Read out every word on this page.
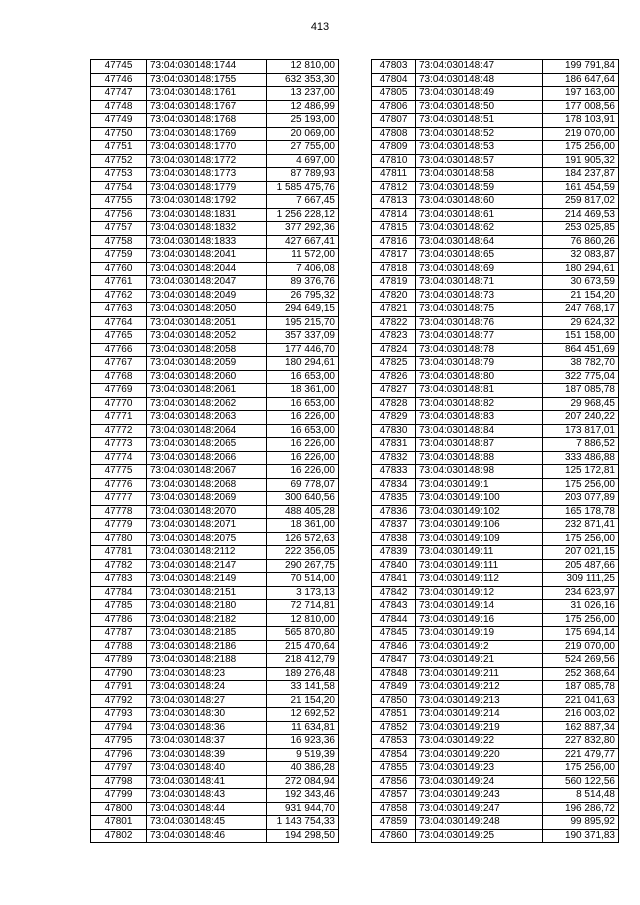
413
47745	73:04:030148:1744	12 810,00
47746	73:04:030148:1755	632 353,30
47747	73:04:030148:1761	13 237,00
47748	73:04:030148:1767	12 486,99
47749	73:04:030148:1768	25 193,00
47750	73:04:030148:1769	20 069,00
47751	73:04:030148:1770	27 755,00
47752	73:04:030148:1772	4 697,00
47753	73:04:030148:1773	87 789,93
47754	73:04:030148:1779	1 585 475,76
47755	73:04:030148:1792	7 667,45
47756	73:04:030148:1831	1 256 228,12
47757	73:04:030148:1832	377 292,36
47758	73:04:030148:1833	427 667,41
47759	73:04:030148:2041	11 572,00
47760	73:04:030148:2044	7 406,08
47761	73:04:030148:2047	89 376,76
47762	73:04:030148:2049	26 795,32
47763	73:04:030148:2050	294 649,15
47764	73:04:030148:2051	195 215,70
47765	73:04:030148:2052	357 337,09
47766	73:04:030148:2058	177 446,70
47767	73:04:030148:2059	180 294,61
47768	73:04:030148:2060	16 653,00
47769	73:04:030148:2061	18 361,00
47770	73:04:030148:2062	16 653,00
47771	73:04:030148:2063	16 226,00
47772	73:04:030148:2064	16 653,00
47773	73:04:030148:2065	16 226,00
47774	73:04:030148:2066	16 226,00
47775	73:04:030148:2067	16 226,00
47776	73:04:030148:2068	69 778,07
47777	73:04:030148:2069	300 640,56
47778	73:04:030148:2070	488 405,28
47779	73:04:030148:2071	18 361,00
47780	73:04:030148:2075	126 572,63
47781	73:04:030148:2112	222 356,05
47782	73:04:030148:2147	290 267,75
47783	73:04:030148:2149	70 514,00
47784	73:04:030148:2151	3 173,13
47785	73:04:030148:2180	72 714,81
47786	73:04:030148:2182	12 810,00
47787	73:04:030148:2185	565 870,80
47788	73:04:030148:2186	215 470,64
47789	73:04:030148:2188	218 412,79
47790	73:04:030148:23	189 276,48
47791	73:04:030148:24	33 141,58
47792	73:04:030148:27	21 154,20
47793	73:04:030148:30	12 692,52
47794	73:04:030148:36	11 634,81
47795	73:04:030148:37	16 923,36
47796	73:04:030148:39	9 519,39
47797	73:04:030148:40	40 386,28
47798	73:04:030148:41	272 084,94
47799	73:04:030148:43	192 343,46
47800	73:04:030148:44	931 944,70
47801	73:04:030148:45	1 143 754,33
47802	73:04:030148:46	194 298,50
47803	73:04:030148:47	199 791,84
47804	73:04:030148:48	186 647,64
47805	73:04:030148:49	197 163,00
47806	73:04:030148:50	177 008,56
47807	73:04:030148:51	178 103,91
47808	73:04:030148:52	219 070,00
47809	73:04:030148:53	175 256,00
47810	73:04:030148:57	191 905,32
47811	73:04:030148:58	184 237,87
47812	73:04:030148:59	161 454,59
47813	73:04:030148:60	259 817,02
47814	73:04:030148:61	214 469,53
47815	73:04:030148:62	253 025,85
47816	73:04:030148:64	76 860,26
47817	73:04:030148:65	32 083,87
47818	73:04:030148:69	180 294,61
47819	73:04:030148:71	30 673,59
47820	73:04:030148:73	21 154,20
47821	73:04:030148:75	247 768,17
47822	73:04:030148:76	29 624,32
47823	73:04:030148:77	151 158,00
47824	73:04:030148:78	864 451,69
47825	73:04:030148:79	38 782,70
47826	73:04:030148:80	322 775,04
47827	73:04:030148:81	187 085,78
47828	73:04:030148:82	29 968,45
47829	73:04:030148:83	207 240,22
47830	73:04:030148:84	173 817,01
47831	73:04:030148:87	7 886,52
47832	73:04:030148:88	333 486,88
47833	73:04:030148:98	125 172,81
47834	73:04:030149:1	175 256,00
47835	73:04:030149:100	203 077,89
47836	73:04:030149:102	165 178,78
47837	73:04:030149:106	232 871,41
47838	73:04:030149:109	175 256,00
47839	73:04:030149:11	207 021,15
47840	73:04:030149:111	205 487,66
47841	73:04:030149:112	309 111,25
47842	73:04:030149:12	234 623,97
47843	73:04:030149:14	31 026,16
47844	73:04:030149:16	175 256,00
47845	73:04:030149:19	175 694,14
47846	73:04:030149:2	219 070,00
47847	73:04:030149:21	524 269,56
47848	73:04:030149:211	252 368,64
47849	73:04:030149:212	187 085,78
47850	73:04:030149:213	221 041,63
47851	73:04:030149:214	216 003,02
47852	73:04:030149:219	162 887,34
47853	73:04:030149:22	227 832,80
47854	73:04:030149:220	221 479,77
47855	73:04:030149:23	175 256,00
47856	73:04:030149:24	560 122,56
47857	73:04:030149:243	8 514,48
47858	73:04:030149:247	196 286,72
47859	73:04:030149:248	99 895,92
47860	73:04:030149:25	190 371,83
